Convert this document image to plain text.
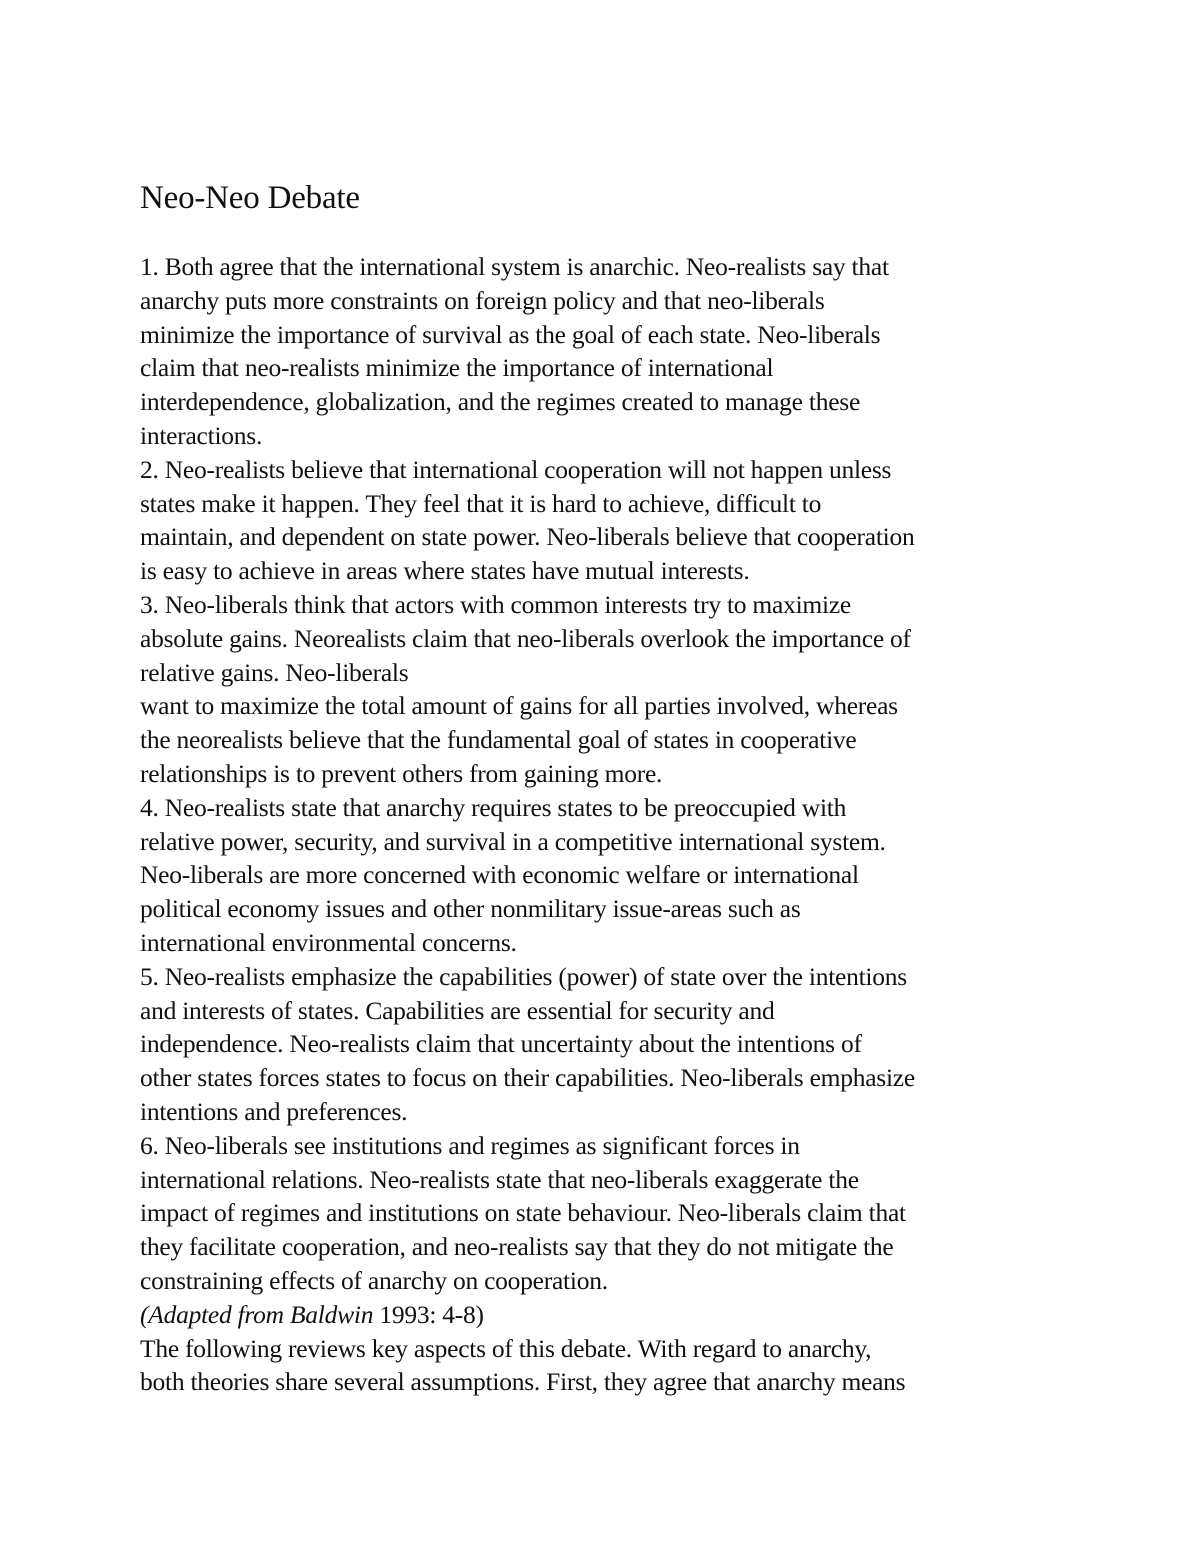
Neo-Neo Debate
1. Both agree that the international system is anarchic. Neo-realists say that
anarchy puts more constraints on foreign policy and that neo-liberals
minimize the importance of survival as the goal of each state. Neo-liberals
claim that neo-realists minimize the importance of international
interdependence, globalization, and the regimes created to manage these
interactions.
2. Neo-realists believe that international cooperation will not happen unless
states make it happen. They feel that it is hard to achieve, difficult to
maintain, and dependent on state power. Neo-liberals believe that cooperation
is easy to achieve in areas where states have mutual interests.
3. Neo-liberals think that actors with common interests try to maximize
absolute gains. Neorealists claim that neo-liberals overlook the importance of
relative gains. Neo-liberals
want to maximize the total amount of gains for all parties involved, whereas
the neorealists believe that the fundamental goal of states in cooperative
relationships is to prevent others from gaining more.
4. Neo-realists state that anarchy requires states to be preoccupied with
relative power, security, and survival in a competitive international system.
Neo-liberals are more concerned with economic welfare or international
political economy issues and other nonmilitary issue-areas such as
international environmental concerns.
5. Neo-realists emphasize the capabilities (power) of state over the intentions
and interests of states. Capabilities are essential for security and
independence. Neo-realists claim that uncertainty about the intentions of
other states forces states to focus on their capabilities. Neo-liberals emphasize
intentions and preferences.
6. Neo-liberals see institutions and regimes as significant forces in
international relations. Neo-realists state that neo-liberals exaggerate the
impact of regimes and institutions on state behaviour. Neo-liberals claim that
they facilitate cooperation, and neo-realists say that they do not mitigate the
constraining effects of anarchy on cooperation.
(Adapted from Baldwin 1993: 4-8)
The following reviews key aspects of this debate. With regard to anarchy,
both theories share several assumptions. First, they agree that anarchy means
